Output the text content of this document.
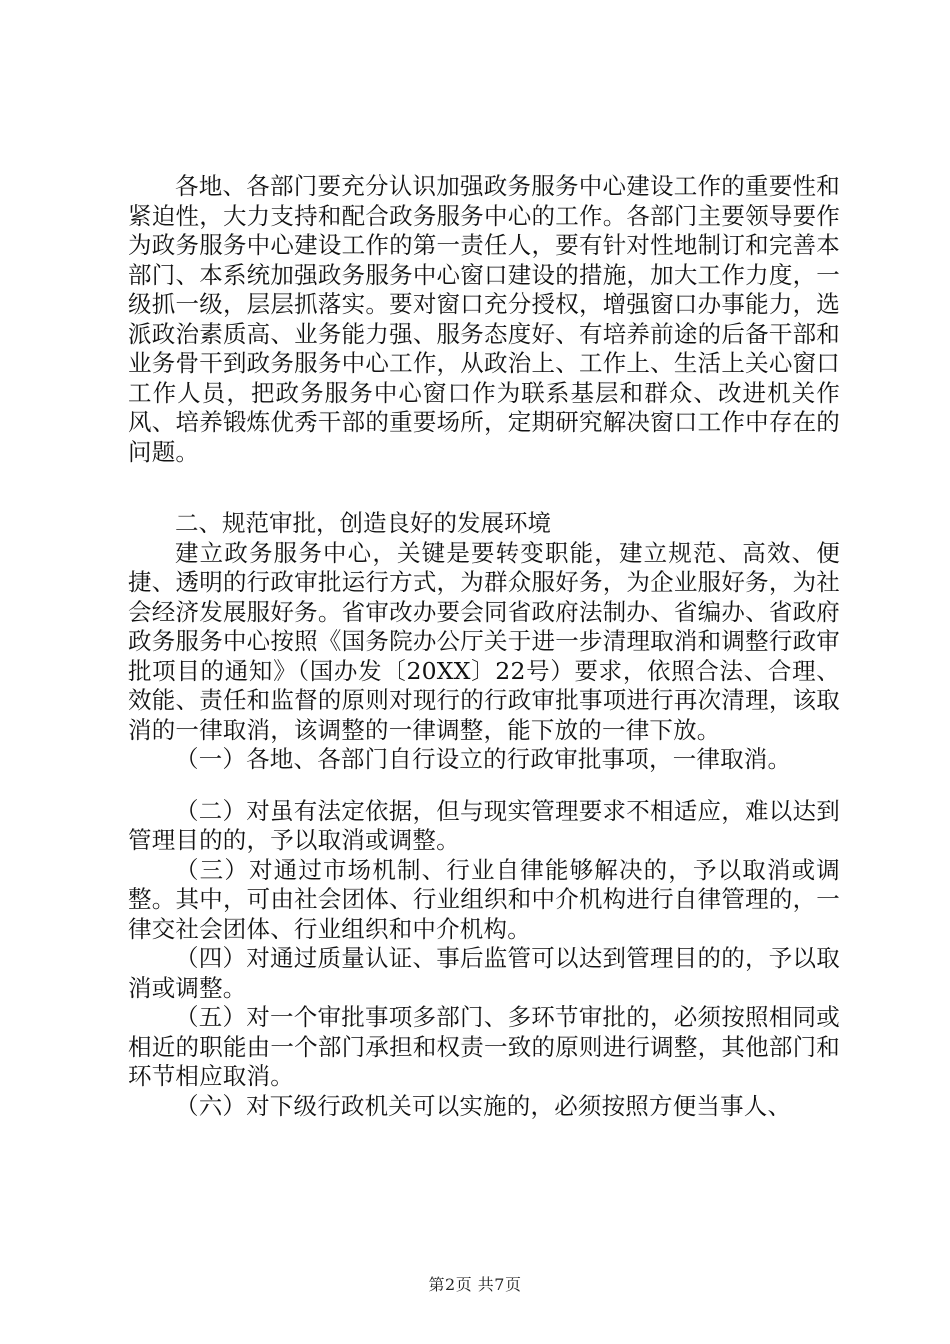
各地、各部门要充分认识加强政务服务中心建设工作的重要性和紧迫性，大力支持和配合政务服务中心的工作。各部门主要领导要作为政务服务中心建设工作的第一责任人，要有针对性地制订和完善本部门、本系统加强政务服务中心窗口建设的措施，加大工作力度，一级抓一级，层层抓落实。要对窗口充分授权，增强窗口办事能力，选派政治素质高、业务能力强、服务态度好、有培养前途的后备干部和业务骨干到政务服务中心工作，从政治上、工作上、生活上关心窗口工作人员，把政务服务中心窗口作为联系基层和群众、改进机关作风、培养锻炼优秀干部的重要场所，定期研究解决窗口工作中存在的问题。

二、规范审批，创造良好的发展环境

建立政务服务中心，关键是要转变职能，建立规范、高效、便捷、透明的行政审批运行方式，为群众服好务，为企业服好务，为社会经济发展服好务。省审改办要会同省政府法制办、省编办、省政府政务服务中心按照《国务院办公厅关于进一步清理取消和调整行政审批项目的通知》（国办发〔20XX〕22号）要求，依照合法、合理、效能、责任和监督的原则对现行的行政审批事项进行再次清理，该取消的一律取消，该调整的一律调整，能下放的一律下放。

（一）各地、各部门自行设立的行政审批事项，一律取消。

（二）对虽有法定依据，但与现实管理要求不相适应，难以达到管理目的的，予以取消或调整。

（三）对通过市场机制、行业自律能够解决的，予以取消或调整。其中，可由社会团体、行业组织和中介机构进行自律管理的，一律交社会团体、行业组织和中介机构。

（四）对通过质量认证、事后监管可以达到管理目的的，予以取消或调整。

（五）对一个审批事项多部门、多环节审批的，必须按照相同或相近的职能由一个部门承担和权责一致的原则进行调整，其他部门和环节相应取消。

（六）对下级行政机关可以实施的，必须按照方便当事人、

第2页 共7页
